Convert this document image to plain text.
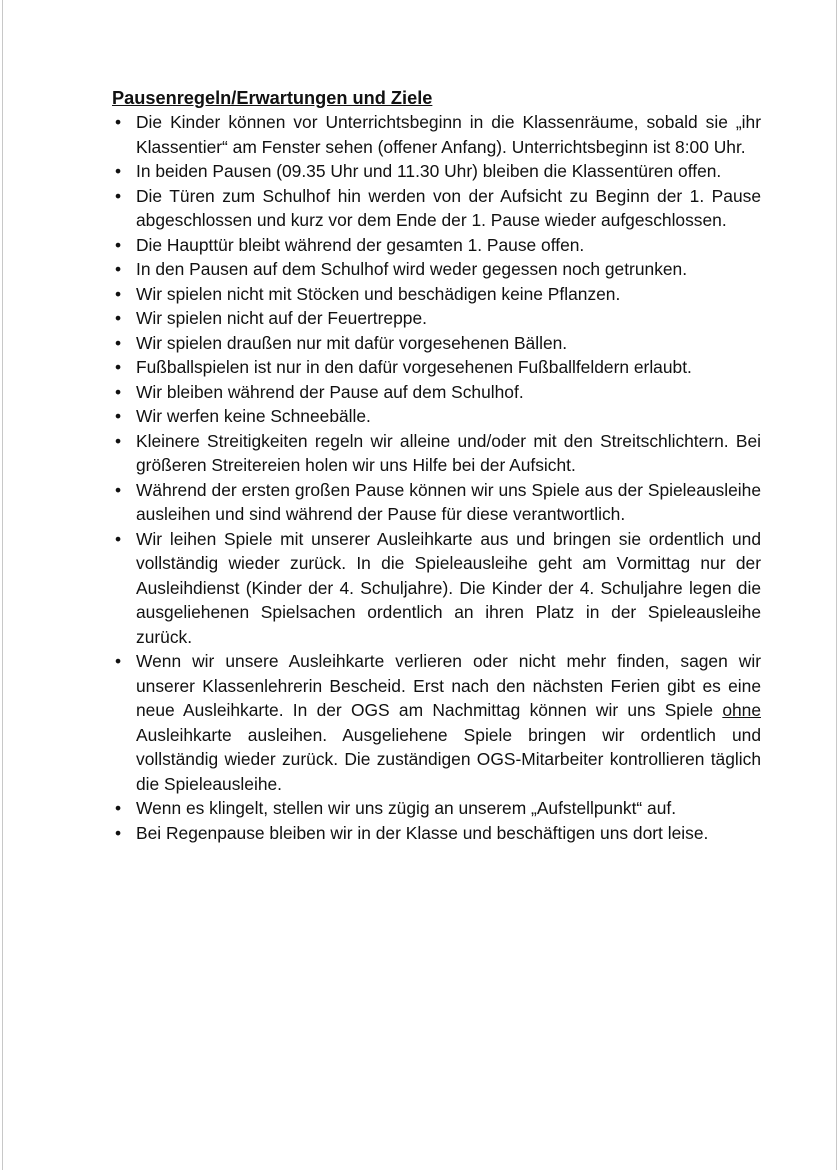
Pausenregeln/Erwartungen und Ziele
• Die Kinder können vor Unterrichtsbeginn in die Klassenräume, sobald sie „ihr Klassentier“ am Fenster sehen (offener Anfang). Unterrichtsbeginn ist 8:00 Uhr.
• In beiden Pausen (09.35 Uhr und 11.30 Uhr) bleiben die Klassentüren offen.
• Die Türen zum Schulhof hin werden von der Aufsicht zu Beginn der 1. Pause abgeschlossen und kurz vor dem Ende der 1. Pause wieder aufgeschlossen.
• Die Haupttür bleibt während der gesamten 1. Pause offen.
• In den Pausen auf dem Schulhof wird weder gegessen noch getrunken.
• Wir spielen nicht mit Stöcken und beschädigen keine Pflanzen.
• Wir spielen nicht auf der Feuertreppe.
• Wir spielen draußen nur mit dafür vorgesehenen Bällen.
• Fußballspielen ist nur in den dafür vorgesehenen Fußballfeldern erlaubt.
• Wir bleiben während der Pause auf dem Schulhof.
• Wir werfen keine Schneebälle.
• Kleinere Streitigkeiten regeln wir alleine und/oder mit den Streitschlichtern. Bei größeren Streitereien holen wir uns Hilfe bei der Aufsicht.
• Während der ersten großen Pause können wir uns Spiele aus der Spieleausleihe ausleihen und sind während der Pause für diese verantwortlich.
• Wir leihen Spiele mit unserer Ausleihkarte aus und bringen sie ordentlich und vollständig wieder zurück. In die Spieleausleihe geht am Vormittag nur der Ausleihdienst (Kinder der 4. Schuljahre). Die Kinder der 4. Schuljahre legen die ausgeliehenen Spielsachen ordentlich an ihren Platz in der Spieleausleihe zurück.
• Wenn wir unsere Ausleihkarte verlieren oder nicht mehr finden, sagen wir unserer Klassenlehrerin Bescheid. Erst nach den nächsten Ferien gibt es eine neue Ausleihkarte. In der OGS am Nachmittag können wir uns Spiele ohne Ausleihkarte ausleihen. Ausgeliehene Spiele bringen wir ordentlich und vollständig wieder zurück. Die zuständigen OGS-Mitarbeiter kontrollieren täglich die Spieleausleihe.
• Wenn es klingelt, stellen wir uns zügig an unserem „Aufstellpunkt“ auf.
• Bei Regenpause bleiben wir in der Klasse und beschäftigen uns dort leise.
